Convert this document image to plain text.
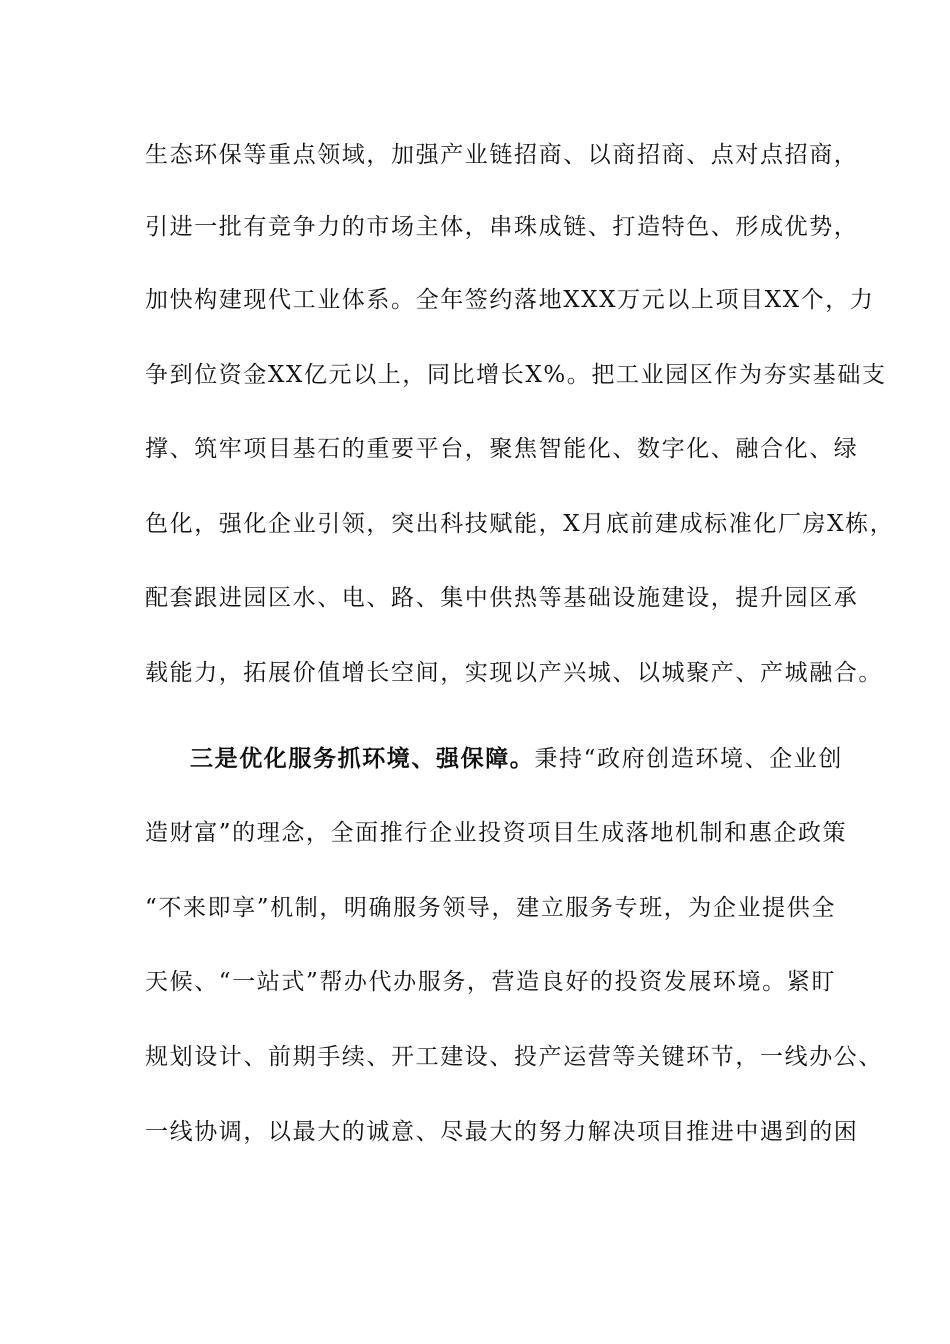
生态环保等重点领域，加强产业链招商、以商招商、点对点招商，
引进一批有竞争力的市场主体，串珠成链、打造特色、形成优势，
加快构建现代工业体系。全年签约落地XXX万元以上项目XX个，力
争到位资金XX亿元以上，同比增长X%。把工业园区作为夯实基础支
撑、筑牢项目基石的重要平台，聚焦智能化、数字化、融合化、绿
色化，强化企业引领，突出科技赋能，X月底前建成标准化厂房X栋，
配套跟进园区水、电、路、集中供热等基础设施建设，提升园区承
载能力，拓展价值增长空间，实现以产兴城、以城聚产、产城融合。
三是优化服务抓环境、强保障。秉持“政府创造环境、企业创
造财富”的理念，全面推行企业投资项目生成落地机制和惠企政策
“不来即享”机制，明确服务领导，建立服务专班，为企业提供全
天候、“一站式”帮办代办服务，营造良好的投资发展环境。紧盯
规划设计、前期手续、开工建设、投产运营等关键环节，一线办公、
一线协调，以最大的诚意、尽最大的努力解决项目推进中遇到的困
